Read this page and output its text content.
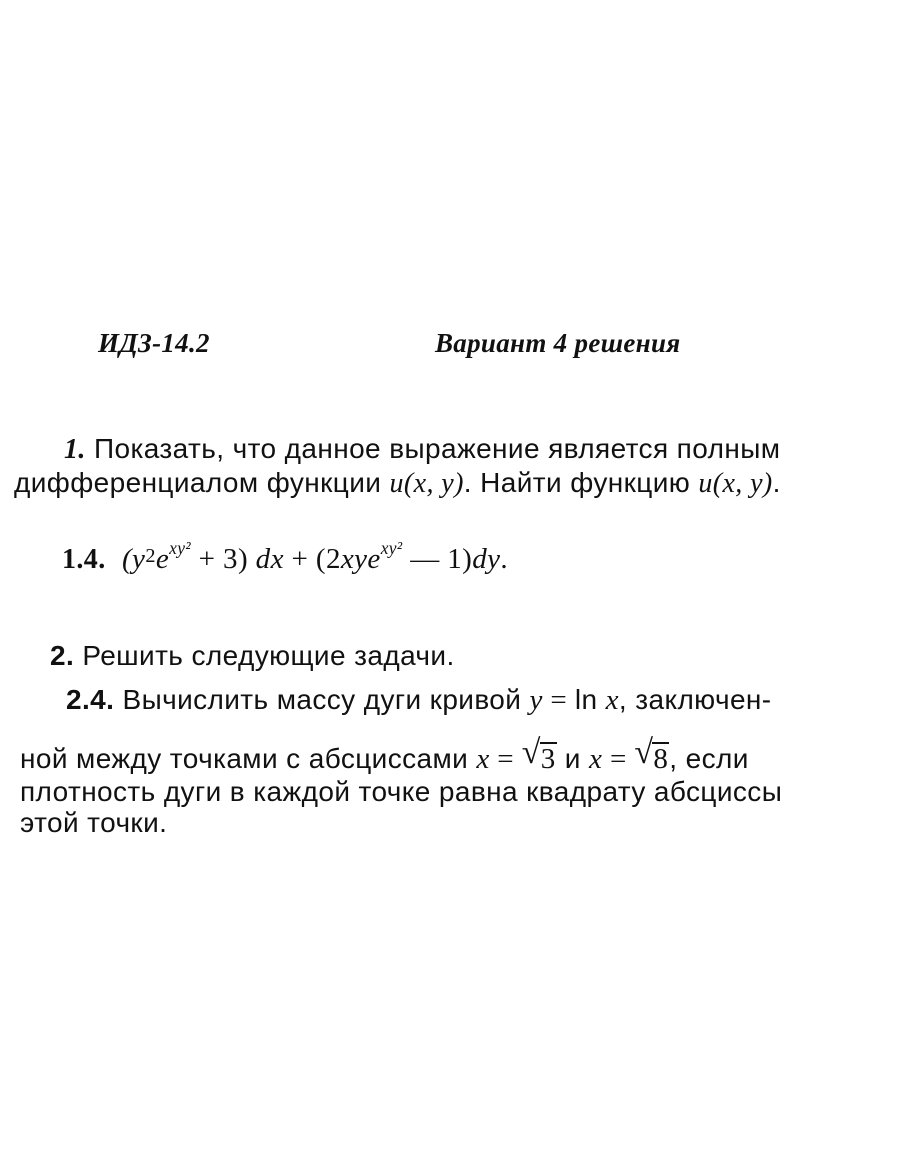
ИДЗ-14.2	Вариант 4 решения
1. Показать, что данное выражение является полным
дифференциалом функции u(x, y). Найти функцию u(x, y).
1.4. $(y^2e^{xy^2} + 3)$ dx + (2xye$^{xy^2}$ — 1)dy.
2. Решить следующие задачи.
2.4. Вычислить массу дуги кривой y = ln x, заключен-
ной между точками с абсциссами x = √ 3 и x = √ 8, если
плотность дуги в каждой точке равна квадрату абсциссы
этой точки.
